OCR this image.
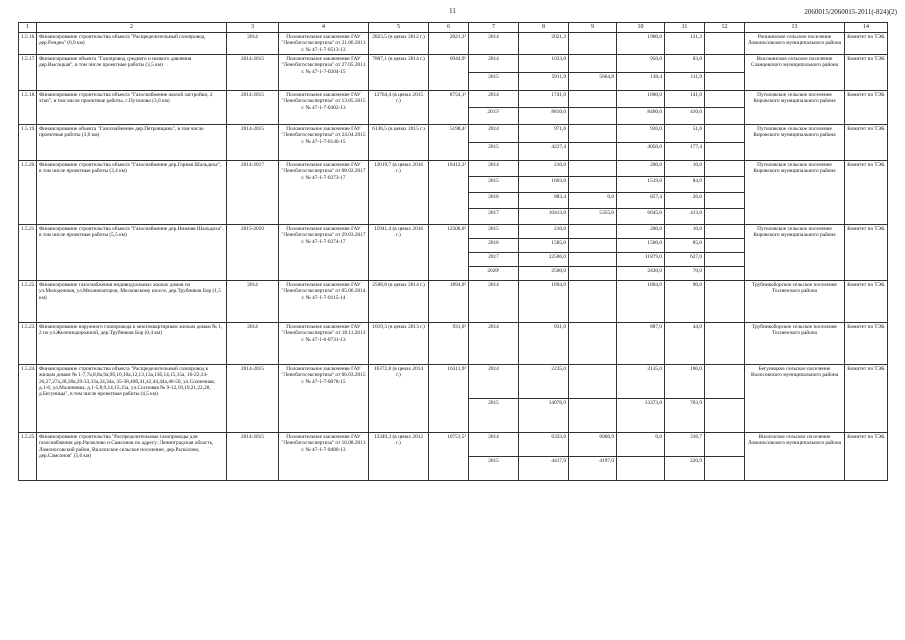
11	2060015/2060015-2011(-824)(2)
1	2	3	4	5	6	7	8	9	10	11	12	13	14
1.5.16.	Финансирование строительства объекта "Распределительный газопровод, дер.Рондеа" (0,9 км)	2014	Положительное заключение ГАУ "Леноблгосэкспертиза" от 21.06.2013 г. № 47-1-7-0513-13	2823,5 (в ценах 2012 г.)	2021,3²	2014	2021,3		1900,0	121,3		Ропшинское сельское поселение Ломоносовского муниципального района	Комитет по ТЭК
1.5.17.	Финансирование объекта "Газопровод среднего и низкого давления дер.Высоцкая", в том числе проектные работы (3,5 км)	2014-2015	Положительное заключение ГАУ "Леноблгосэкспертиза" от 27.05.2013 г. № 47-1-7-0204-15	7807,1 (в ценах 2014 г.)	6944,9²	2014	1033,0		950,0	83,0		Высокинское сельское поселение Сланцевского муниципального района	Комитет по ТЭК
						2015	5911,9	5664,8	138,4	111,9			
1.5.18.	Финансирование строительства объекта "Газоснабжение жилой застройки, 2 этап", в том числе проектные работы, с.Путилово (3,0 км)	2014-2015	Положительное заключение ГАУ "Леноблгосэкспертиза" от 13.05.2015 г. № 47-1-7-0402-13	12764,4 (в ценах 2015 г.)	8754,1²	2014	1741,0		1600,0	141,0		Путиловское сельское поселение Кировского муниципального района	Комитет по ТЭК
						2015¹	8810,0		8400,0	410,0			
1.5.19.	Финансирование объекта "Газоснабжение дер.Петровщина", в том числе проектные работы (3,0 км)	2014-2015	Положительное заключение ГАУ "Леноблгосэкспертиза" от 24.04.2015 г. № 47-1-7-0146-15	6136,5 (в ценах 2015 г.)	5198,4²	2014	971,0		920,0	51,0		Путиловское сельское поселение Кировского муниципального района	Комитет по ТЭК
						2015	4227,4		4050,0	177,4			
1.5.20.	Финансирование строительства объекта "Газоснабжение дер.Горная Шальдиха", в том числе проектные работы (3,4 км)	2014-2017	Положительное заключение ГАУ "Леноблгосэкспертиза" от 08.02.2017 г. № 47-1-7-0273-17	12019,7 (в ценах 2016 г.)	10412,3²	2014	210,0		200,0	10,0		Путиловское сельское поселение Кировского муниципального района	Комитет по ТЭК
						2015	1603,0		1519,0	84,0			
						2016	883,4	0,0	857,4	26,0			
						2017	10413,0	5355,0	6645,0	413,0			
1.5.21.	Финансирование строительства объекта "Газоснабжение дер.Нижняя Шальдиха", в том числе проектные работы (5,5 км)	2015-2020	Положительное заключение ГАУ "Леноблгосэкспертиза" от 29.03.2017 г. № 47-1-7-0274-17	15941,4 (в ценах 2016 г.)	12506,0²	2015	210,0		200,0	10,0		Путиловское сельское поселение Кировского муниципального района	Комитет по ТЭК
						2016	1585,0		1500,0	85,0			
						2017	12506,0		11879,0	627,0			
						2020¹	2500,0		2430,0	70,0			
1.5.22.	Финансирование газоснабжения индивидуальных жилых домов по ул.Молодежная, ул.Механизаторов, Московскому шоссе, дер.Трубников Бор (1,5 км)	2014	Положительное заключение ГАУ "Леноблгосэкспертиза" от 05.06.2014 г. № 47-1-7-0115-14	2508,8 (в ценах 2014 г.)	1894,0²	2014	1894,0		1804,0	90,0		Трубникоборское сельское поселение Тосненского района	Комитет по ТЭК
1.5.23.	Финансирование наружного газопровода к многоквартирным жилым домам № 1, 2 по ул.Железнодорожной, дер.Трубников Бор (0,4 км)	2014	Положительное заключение ГАУ "Леноблгосэкспертиза" от 18.11.2013 г. № 47-1-6-0731-13	1019,3 (в ценах 2013 г.)	931,0²	2014	931,0		887,0	44,0		Трубникоборское сельское поселение Тосненского района	Комитет по ТЭК
1.5.24.	Финансирование строительства объекта "Распределительный газопровод к жилым домам № 1-7,7а,8,8а,9а,9б,10,10а,12,13,13а,13б,14,15,15а, 16-22,24-26,27,27а,28,28а,29-33,33а,34,34а, 35-38,40б,41,42,44,44а,46-50, ул.Солнечная, д.1-6, ул.Малиновка, д.1-5,8,9,14,15,15а, ул.Сосновая № 9-12,18,19,21,22,28, д.Бегуницы", в том числе проектные работы (4,5 км)	2014-2015	Положительное заключение ГАУ "Леноблгосэкспертиза" от 06.03.2015 г. № 47-1-7-0078-15	16372,8 (в ценах 2014 г.)	16311,9²	2014	2235,0		2135,0	100,0		Бегуницкое сельское поселение Волосовского муниципального района	Комитет по ТЭК
						2015	14076,9		13373,0	703,9			
1.5.25.	Финансирование строительства "Распределительные газопроводы для газоснабжения дер.Расколово и Самсонов по адресу: Ленинградская область, Ломоносовский район, Виллозское сельское поселение, дер.Расколово, дер.Самсонов" (5,6 км)	2014-2015	Положительное заключение ГАУ "Леноблгосэкспертиза" от 16.08.2013 г. № 47-1-7-0480-13	13349,3 (в ценах 2012 г.)	10751,5²	2014	6333,6	6066,9	0,0	316,7		Виллозское сельское поселение Ломоносовского муниципального района	Комитет по ТЭК
						2015	4417,9	4197,0		220,9			
